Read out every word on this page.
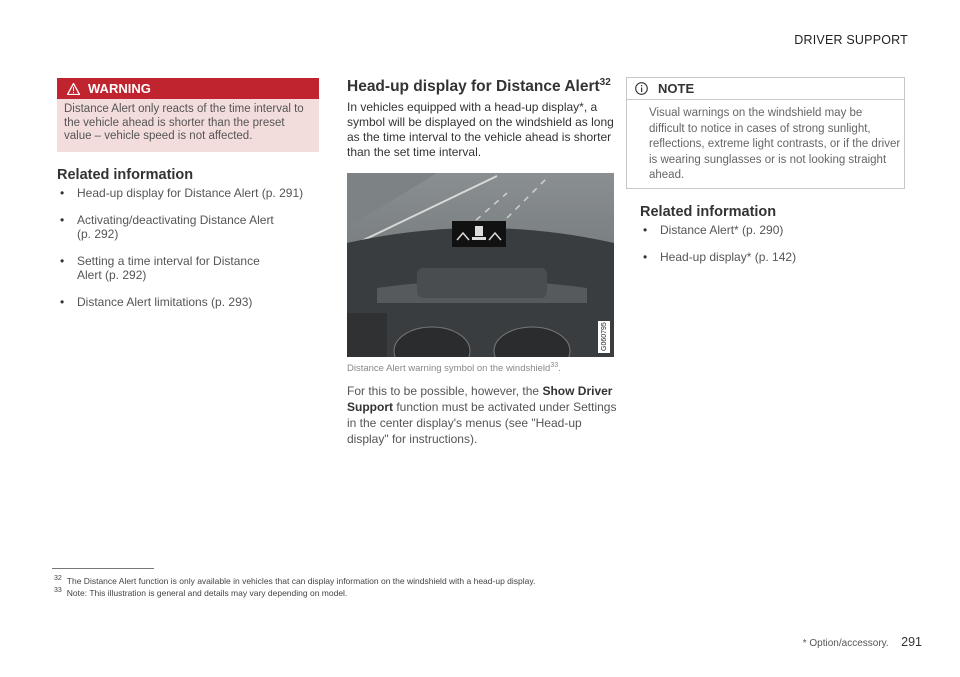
DRIVER SUPPORT
WARNING
Distance Alert only reacts of the time interval to the vehicle ahead is shorter than the preset value – vehicle speed is not affected.
Related information
• Head-up display for Distance Alert (p. 291)
• Activating/deactivating Distance Alert (p. 292)
• Setting a time interval for Distance Alert (p. 292)
• Distance Alert limitations (p. 293)
Head-up display for Distance Alert$^{32}$
In vehicles equipped with a head-up display*, a symbol will be displayed on the windshield as long as the time interval to the vehicle ahead is shorter than the set time interval.
G060795
Distance Alert warning symbol on the windshield$^{33}$.
For this to be possible, however, the Show Driver Support function must be activated under Settings in the center display's menus (see "Head-up display" for instructions).
NOTE
Visual warnings on the windshield may be difficult to notice in cases of strong sunlight, reflections, extreme light contrasts, or if the driver is wearing sunglasses or is not looking straight ahead.
Related information
• Distance Alert* (p. 290)
• Head-up display* (p. 142)
$^{32}$ The Distance Alert function is only available in vehicles that can display information on the windshield with a head-up display.
$^{33}$ Note: This illustration is general and details may vary depending on model.
* Option/accessory. 291
